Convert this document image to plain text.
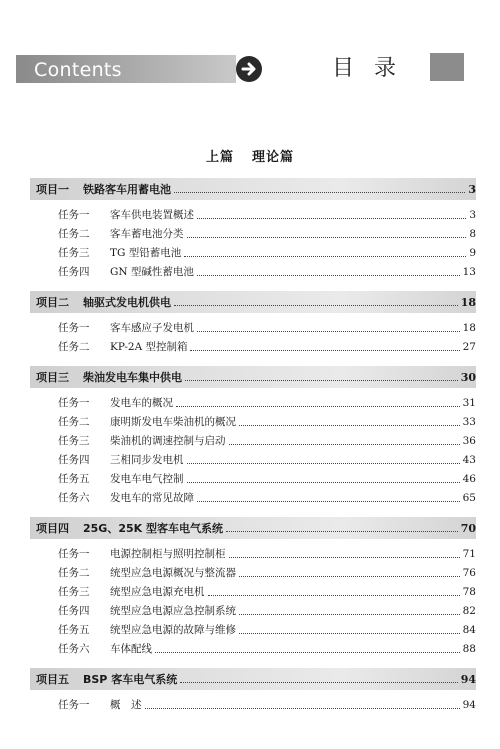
Contents	目录
上篇 理论篇
项目一 铁路客车用蓄电池	3
任务一	客车供电装置概述	3
任务二	客车蓄电池分类	8
任务三	TG 型铅蓄电池	9
任务四	GN 型碱性蓄电池	13
项目二 轴驱式发电机供电	18
任务一	客车感应子发电机	18
任务二	KP-2A 型控制箱	27
项目三 柴油发电车集中供电	30
任务一	发电车的概况	31
任务二	康明斯发电车柴油机的概况	33
任务三	柴油机的调速控制与启动	36
任务四	三相同步发电机	43
任务五	发电车电气控制	46
任务六	发电车的常见故障	65
项目四 25G、25K 型客车电气系统	70
任务一	电源控制柜与照明控制柜	71
任务二	统型应急电源概况与整流器	76
任务三	统型应急电源充电机	78
任务四	统型应急电源应急控制系统	82
任务五	统型应急电源的故障与维修	84
任务六	车体配线	88
项目五 BSP 客车电气系统	94
任务一	概　述	94
